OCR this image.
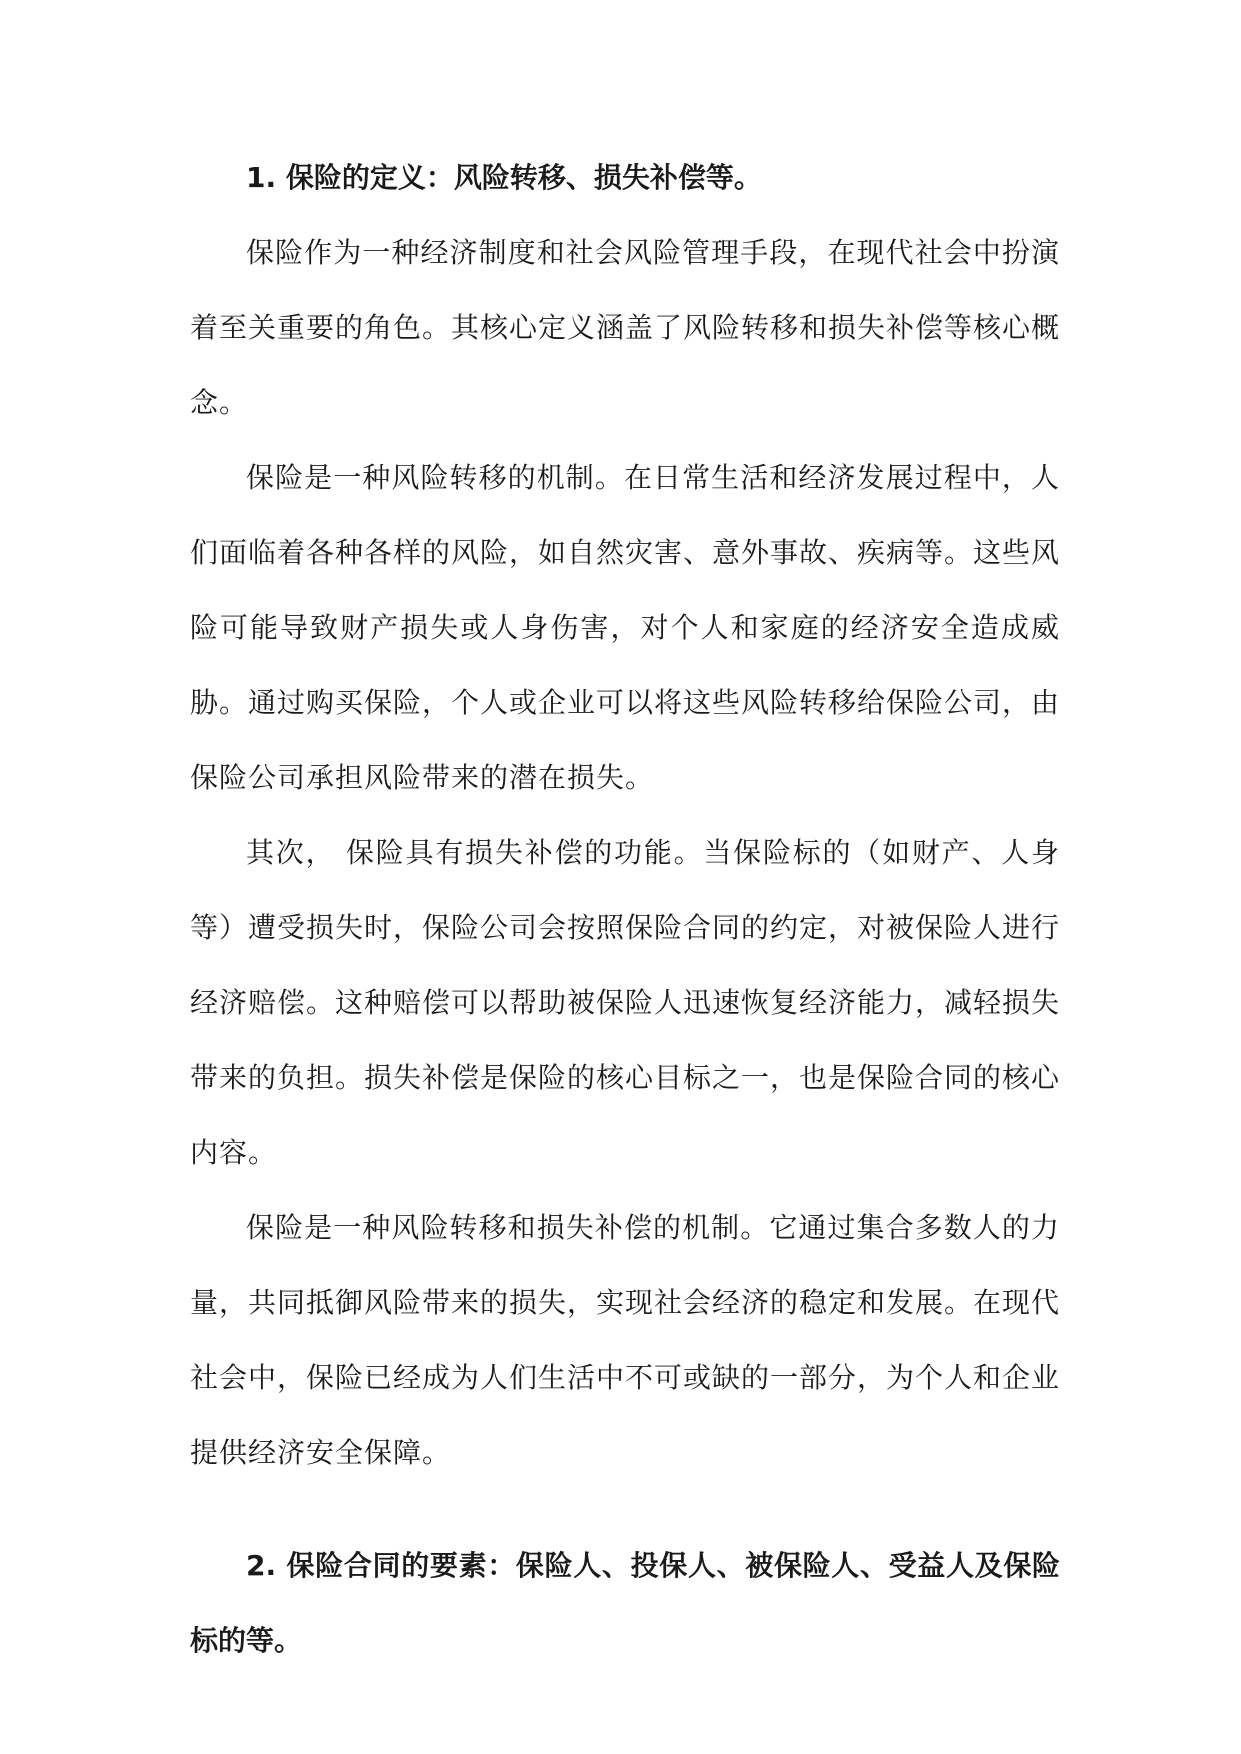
1. 保险的定义：风险转移、损失补偿等。

保险作为一种经济制度和社会风险管理手段，在现代社会中扮演着至关重要的角色。其核心定义涵盖了风险转移和损失补偿等核心概念。

保险是一种风险转移的机制。在日常生活和经济发展过程中，人们面临着各种各样的风险，如自然灾害、意外事故、疾病等。这些风险可能导致财产损失或人身伤害，对个人和家庭的经济安全造成威胁。通过购买保险，个人或企业可以将这些风险转移给保险公司，由保险公司承担风险带来的潜在损失。

其次， 保险具有损失补偿的功能。当保险标的（如财产、人身等）遭受损失时，保险公司会按照保险合同的约定，对被保险人进行经济赔偿。这种赔偿可以帮助被保险人迅速恢复经济能力，减轻损失带来的负担。损失补偿是保险的核心目标之一，也是保险合同的核心内容。

保险是一种风险转移和损失补偿的机制。它通过集合多数人的力量，共同抵御风险带来的损失，实现社会经济的稳定和发展。在现代社会中，保险已经成为人们生活中不可或缺的一部分，为个人和企业提供经济安全保障。

2. 保险合同的要素：保险人、投保人、被保险人、受益人及保险标的等。
